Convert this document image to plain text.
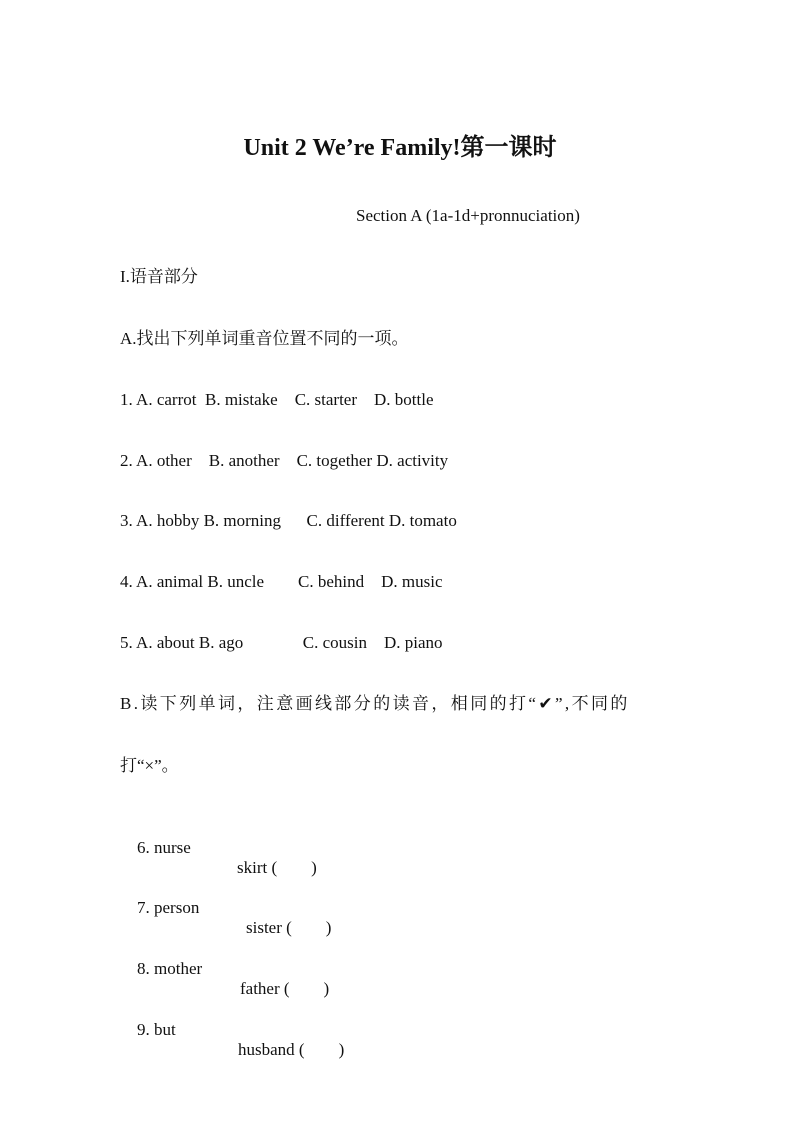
Unit 2 We’re Family!第一课时
Section A (1a-1d+pronnuciation)
I.语音部分
A.找出下列单词重音位置不同的一项。
1. A. carrot  B. mistake    C. starter    D. bottle
2. A. other    B. another    C. together D. activity
3. A. hobby B. morning      C. different D. tomato
4. A. animal B. uncle        C. behind    D. music
5. A. about B. ago              C. cousin    D. piano
B.读下列单词，注意画线部分的读音，相同的打“✔”,不同的
打“×”。

6. nurse

skirt (        )

7. person

sister (        )

8. mother

father (        )

9. but

husband (        )
